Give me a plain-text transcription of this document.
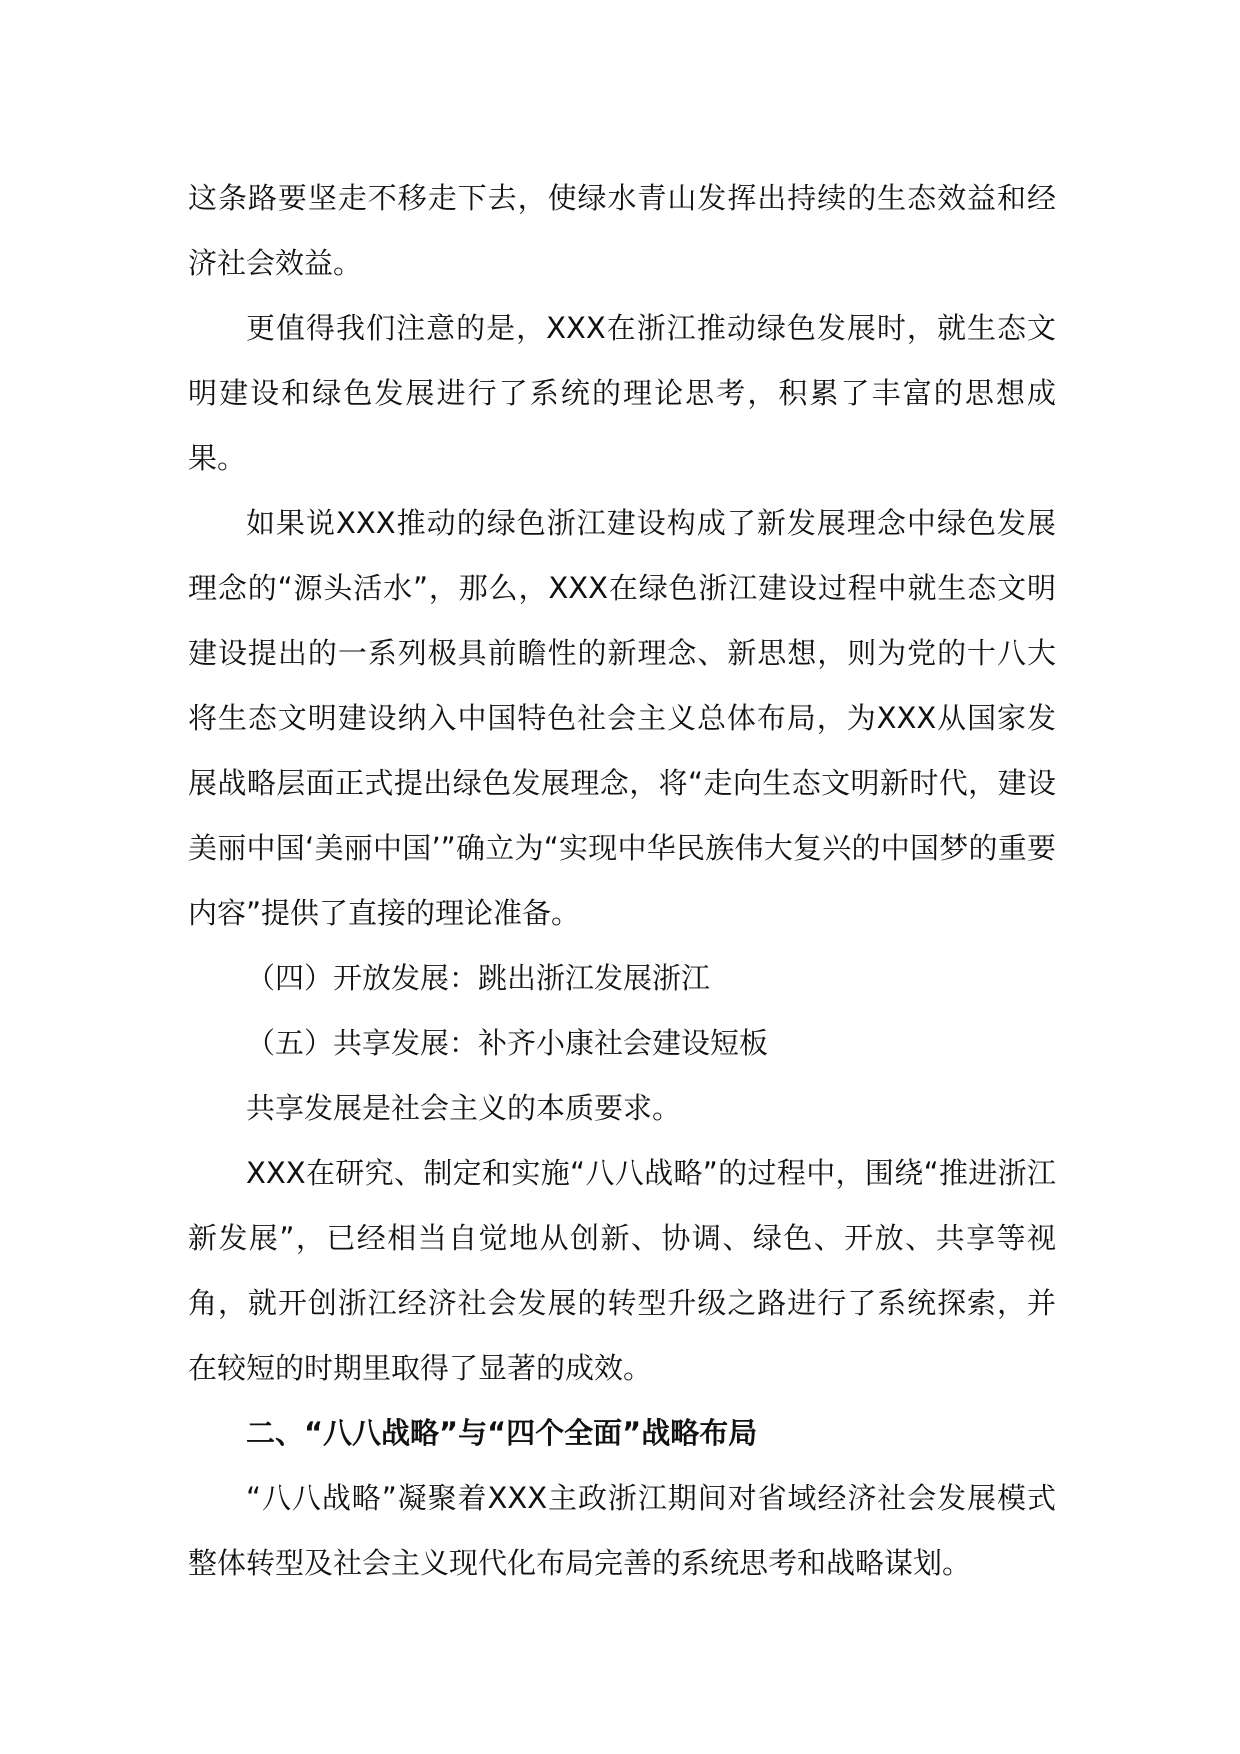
这条路要坚走不移走下去，使绿水青山发挥出持续的生态效益和经济社会效益。

更值得我们注意的是，XXX在浙江推动绿色发展时，就生态文明建设和绿色发展进行了系统的理论思考，积累了丰富的思想成果。

如果说XXX推动的绿色浙江建设构成了新发展理念中绿色发展理念的“源头活水”，那么，XXX在绿色浙江建设过程中就生态文明建设提出的一系列极具前瞻性的新理念、新思想，则为党的十八大将生态文明建设纳入中国特色社会主义总体布局，为XXX从国家发展战略层面正式提出绿色发展理念，将“走向生态文明新时代，建设美丽中国‘美丽中国’”确立为“实现中华民族伟大复兴的中国梦的重要内容”提供了直接的理论准备。

（四）开放发展：跳出浙江发展浙江

（五）共享发展：补齐小康社会建设短板

共享发展是社会主义的本质要求。

XXX在研究、制定和实施“八八战略”的过程中，围绕“推进浙江新发展”，已经相当自觉地从创新、协调、绿色、开放、共享等视角，就开创浙江经济社会发展的转型升级之路进行了系统探索，并在较短的时期里取得了显著的成效。

二、“八八战略”与“四个全面”战略布局

“八八战略”凝聚着XXX主政浙江期间对省域经济社会发展模式整体转型及社会主义现代化布局完善的系统思考和战略谋划。
